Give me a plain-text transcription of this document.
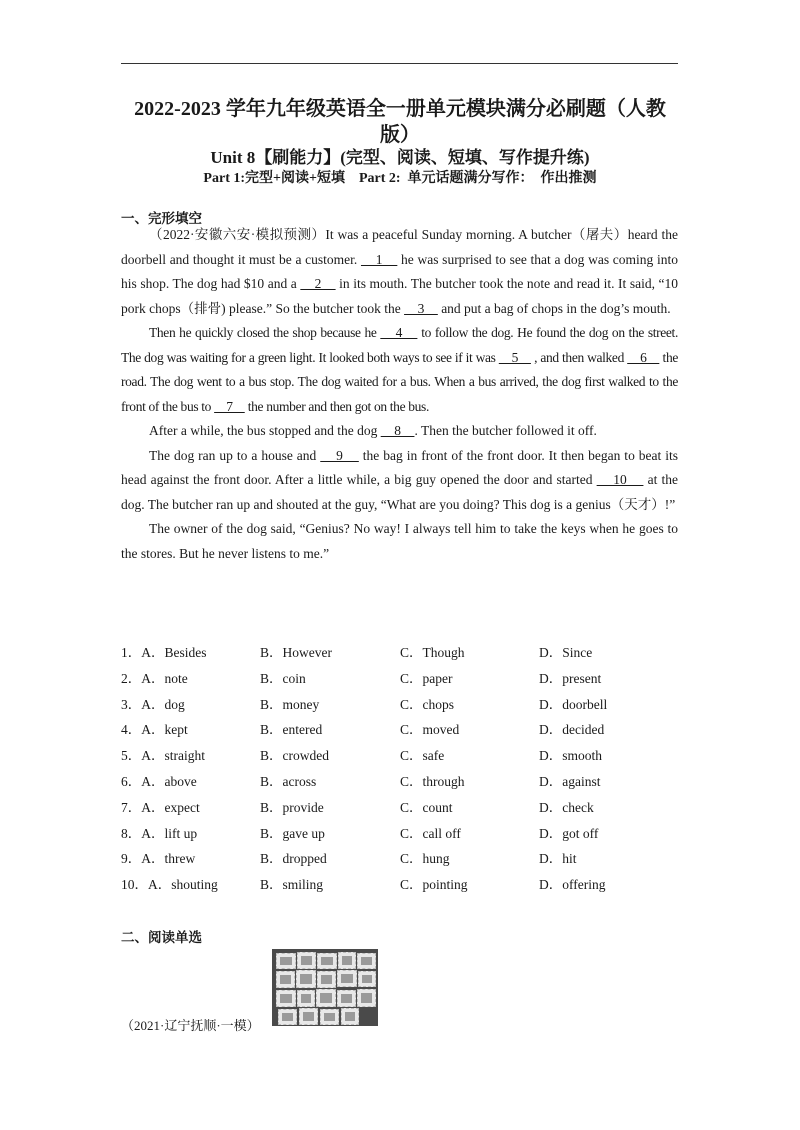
2022-2023 学年九年级英语全一册单元模块满分必刷题（人教
版）
Unit 8【刷能力】(完型、阅读、短填、写作提升练)
Part 1:完型+阅读+短填    Part 2:  单元话题满分写作：  作出推测
一、完形填空

（2022·安徽六安·模拟预测）It was a peaceful Sunday morning. A butcher（屠夫）heard the doorbell and thought it must be a customer.     1     he was surprised to see that a dog was coming into his shop. The dog had $10 and a     2     in its mouth. The butcher took the note and read it. It said, “10 pork chops（排骨) please.” So the butcher took the     3     and put a bag of chops in the dog’s mouth.

Then he quickly closed the shop because he     4     to follow the dog. He found the dog on the street. The dog was waiting for a green light. It looked both ways to see if it was     5     , and then walked     6     the road. The dog went to a bus stop. The dog waited for a bus. When a bus arrived, the dog first walked to the front of the bus to     7     the number and then got on the bus.

After a while, the bus stopped and the dog     8    . Then the butcher followed it off.

The dog ran up to a house and     9     the bag in front of the front door. It then began to beat its head against the front door. After a little while, a big guy opened the door and started     10     at the dog. The butcher ran up and shouted at the guy, “What are you doing? This dog is a genius（天才）!”

The owner of the dog said, “Genius? No way! I always tell him to take the keys when he goes to the stores. But he never listens to me.”

1．A．Besides	B．However	C．Though	D．Since
2．A．note	B．coin	C．paper	D．present
3．A．dog	B．money	C．chops	D．doorbell
4．A．kept	B．entered	C．moved	D．decided
5．A．straight	B．crowded	C．safe	D．smooth
6．A．above	B．across	C．through	D．against
7．A．expect	B．provide	C．count	D．check
8．A．lift up	B．gave up	C．call off	D．got off
9．A．threw	B．dropped	C．hung	D．hit
10．A．shouting	B．smiling	C．pointing	D．offering
二、阅读单选
（2021·辽宁抚顺·一模）
